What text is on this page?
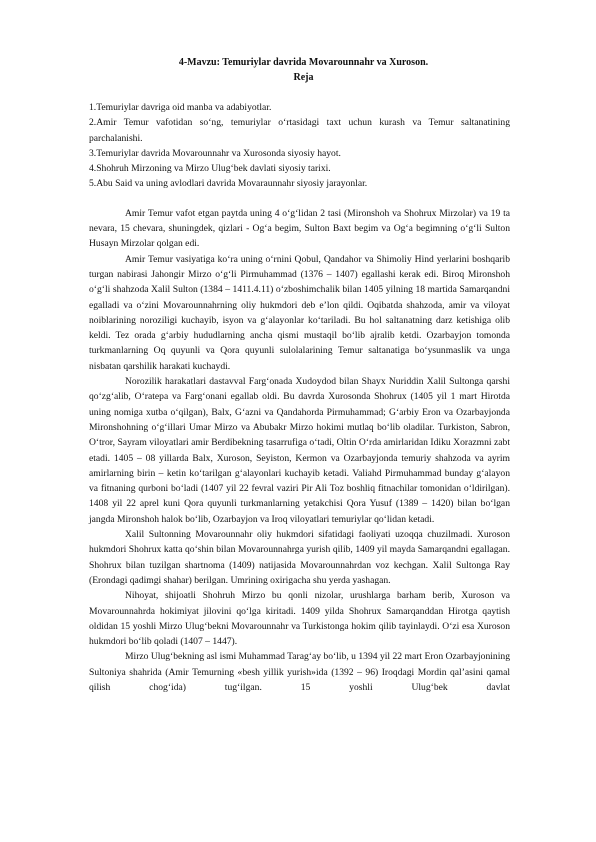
4-Mavzu: Temuriylar davrida Movarounnahr va Xuroson.
Reja
1.Temuriylar davriga oid manba va adabiyotlar.
2.Amir Temur vafotidan so‘ng, temuriylar o‘rtasidagi taxt uchun kurash va Temur saltanatining parchalanishi.
3.Temuriylar davrida Movarounnahr va Xurosonda siyosiy hayot.
4.Shohruh Mirzoning va Mirzo Ulug‘bek davlati siyosiy tarixi.
5.Abu Said va uning avlodlari davrida Movaraunnahr siyosiy jarayonlar.

Amir Temur vafot etgan paytda uning 4 o‘g‘lidan 2 tasi (Mironshoh va Shohrux Mirzolar) va 19 ta nevara, 15 chevara, shuningdek, qizlari - Og‘a begim, Sulton Baxt begim va Og‘a begimning o‘g‘li Sulton Husayn Mirzolar qolgan edi.

Amir Temur vasiyatiga ko‘ra uning o‘rnini Qobul, Qandahor va Shimoliy Hind yerlarini boshqarib turgan nabirasi Jahongir Mirzo o‘g‘li Pirmuhammad (1376 – 1407) egallashi kerak edi. Biroq Mironshoh o‘g‘li shahzoda Xalil Sulton (1384 – 1411.4.11) o‘zboshimchalik bilan 1405 yilning 18 martida Samarqandni egalladi va o‘zini Movarounnahrning oliy hukmdori deb e’lon qildi. Oqibatda shahzoda, amir va viloyat noiblarining noroziligi kuchayib, isyon va g‘alayonlar ko‘tariladi. Bu hol saltanatning darz ketishiga olib keldi. Tez orada g‘arbiy hududlarning ancha qismi mustaqil bo‘lib ajralib ketdi. Ozarbayjon tomonda turkmanlarning Oq quyunli va Qora quyunli sulolalarining Temur saltanatiga bo‘ysunmaslik va unga nisbatan qarshilik harakati kuchaydi.

Norozilik harakatlari dastavval Farg‘onada Xudoydod bilan Shayx Nuriddin Xalil Sultonga qarshi qo‘zg‘alib, O‘ratepa va Farg‘onani egallab oldi. Bu davrda Xurosonda Shohrux (1405 yil 1 mart Hirotda uning nomiga xutba o‘qilgan), Balx, G‘azni va Qandahorda Pirmuhammad; G‘arbiy Eron va Ozarbayjonda Mironshohning o‘g‘illari Umar Mirzo va Abubakr Mirzo hokimi mutlaq bo‘lib oladilar. Turkiston, Sabron, O‘tror, Sayram viloyatlari amir Berdibekning tasarrufiga o‘tadi, Oltin O‘rda amirlaridan Idiku Xorazmni zabt etadi. 1405 – 08 yillarda Balx, Xuroson, Seyiston, Kermon va Ozarbayjonda temuriy shahzoda va ayrim amirlarning birin – ketin ko‘tarilgan g‘alayonlari kuchayib ketadi. Valiahd Pirmuhammad bunday g‘alayon va fitnaning qurboni bo‘ladi (1407 yil 22 fevral vaziri Pir Ali Toz boshliq fitnachilar tomonidan o‘ldirilgan). 1408 yil 22 aprel kuni Qora quyunli turkmanlarning yetakchisi Qora Yusuf (1389 – 1420) bilan bo‘lgan jangda Mironshoh halok bo‘lib, Ozarbayjon va Iroq viloyatlari temuriylar qo‘lidan ketadi.

Xalil Sultonning Movarounnahr oliy hukmdori sifatidagi faoliyati uzoqqa chuzilmadi. Xuroson hukmdori Shohrux katta qo‘shin bilan Movarounnahrga yurish qilib, 1409 yil mayda Samarqandni egallagan. Shohrux bilan tuzilgan shartnoma (1409) natijasida Movarounnahrdan voz kechgan. Xalil Sultonga Ray (Erondagi qadimgi shahar) berilgan. Umrining oxirigacha shu yerda yashagan.

Nihoyat, shijoatli Shohruh Mirzo bu qonli nizolar, urushlarga barham berib, Xuroson va Movarounnahrda hokimiyat jilovini qo‘lga kiritadi. 1409 yilda Shohrux Samarqanddan Hirotga qaytish oldidan 15 yoshli Mirzo Ulug‘bekni Movarounnahr va Turkistonga hokim qilib tayinlaydi. O‘zi esa Xuroson hukmdori bo‘lib qoladi (1407 – 1447).

Mirzo Ulug‘bekning asl ismi Muhammad Tarag‘ay bo‘lib, u 1394 yil 22 mart Eron Ozarbayjonining Sultoniya shahrida (Amir Temurning «besh yillik yurish»ida (1392 – 96) Iroqdagi Mordin qal’asini qamal qilish chog‘ida) tug‘ilgan. 15 yoshli Ulug‘bek davlat
